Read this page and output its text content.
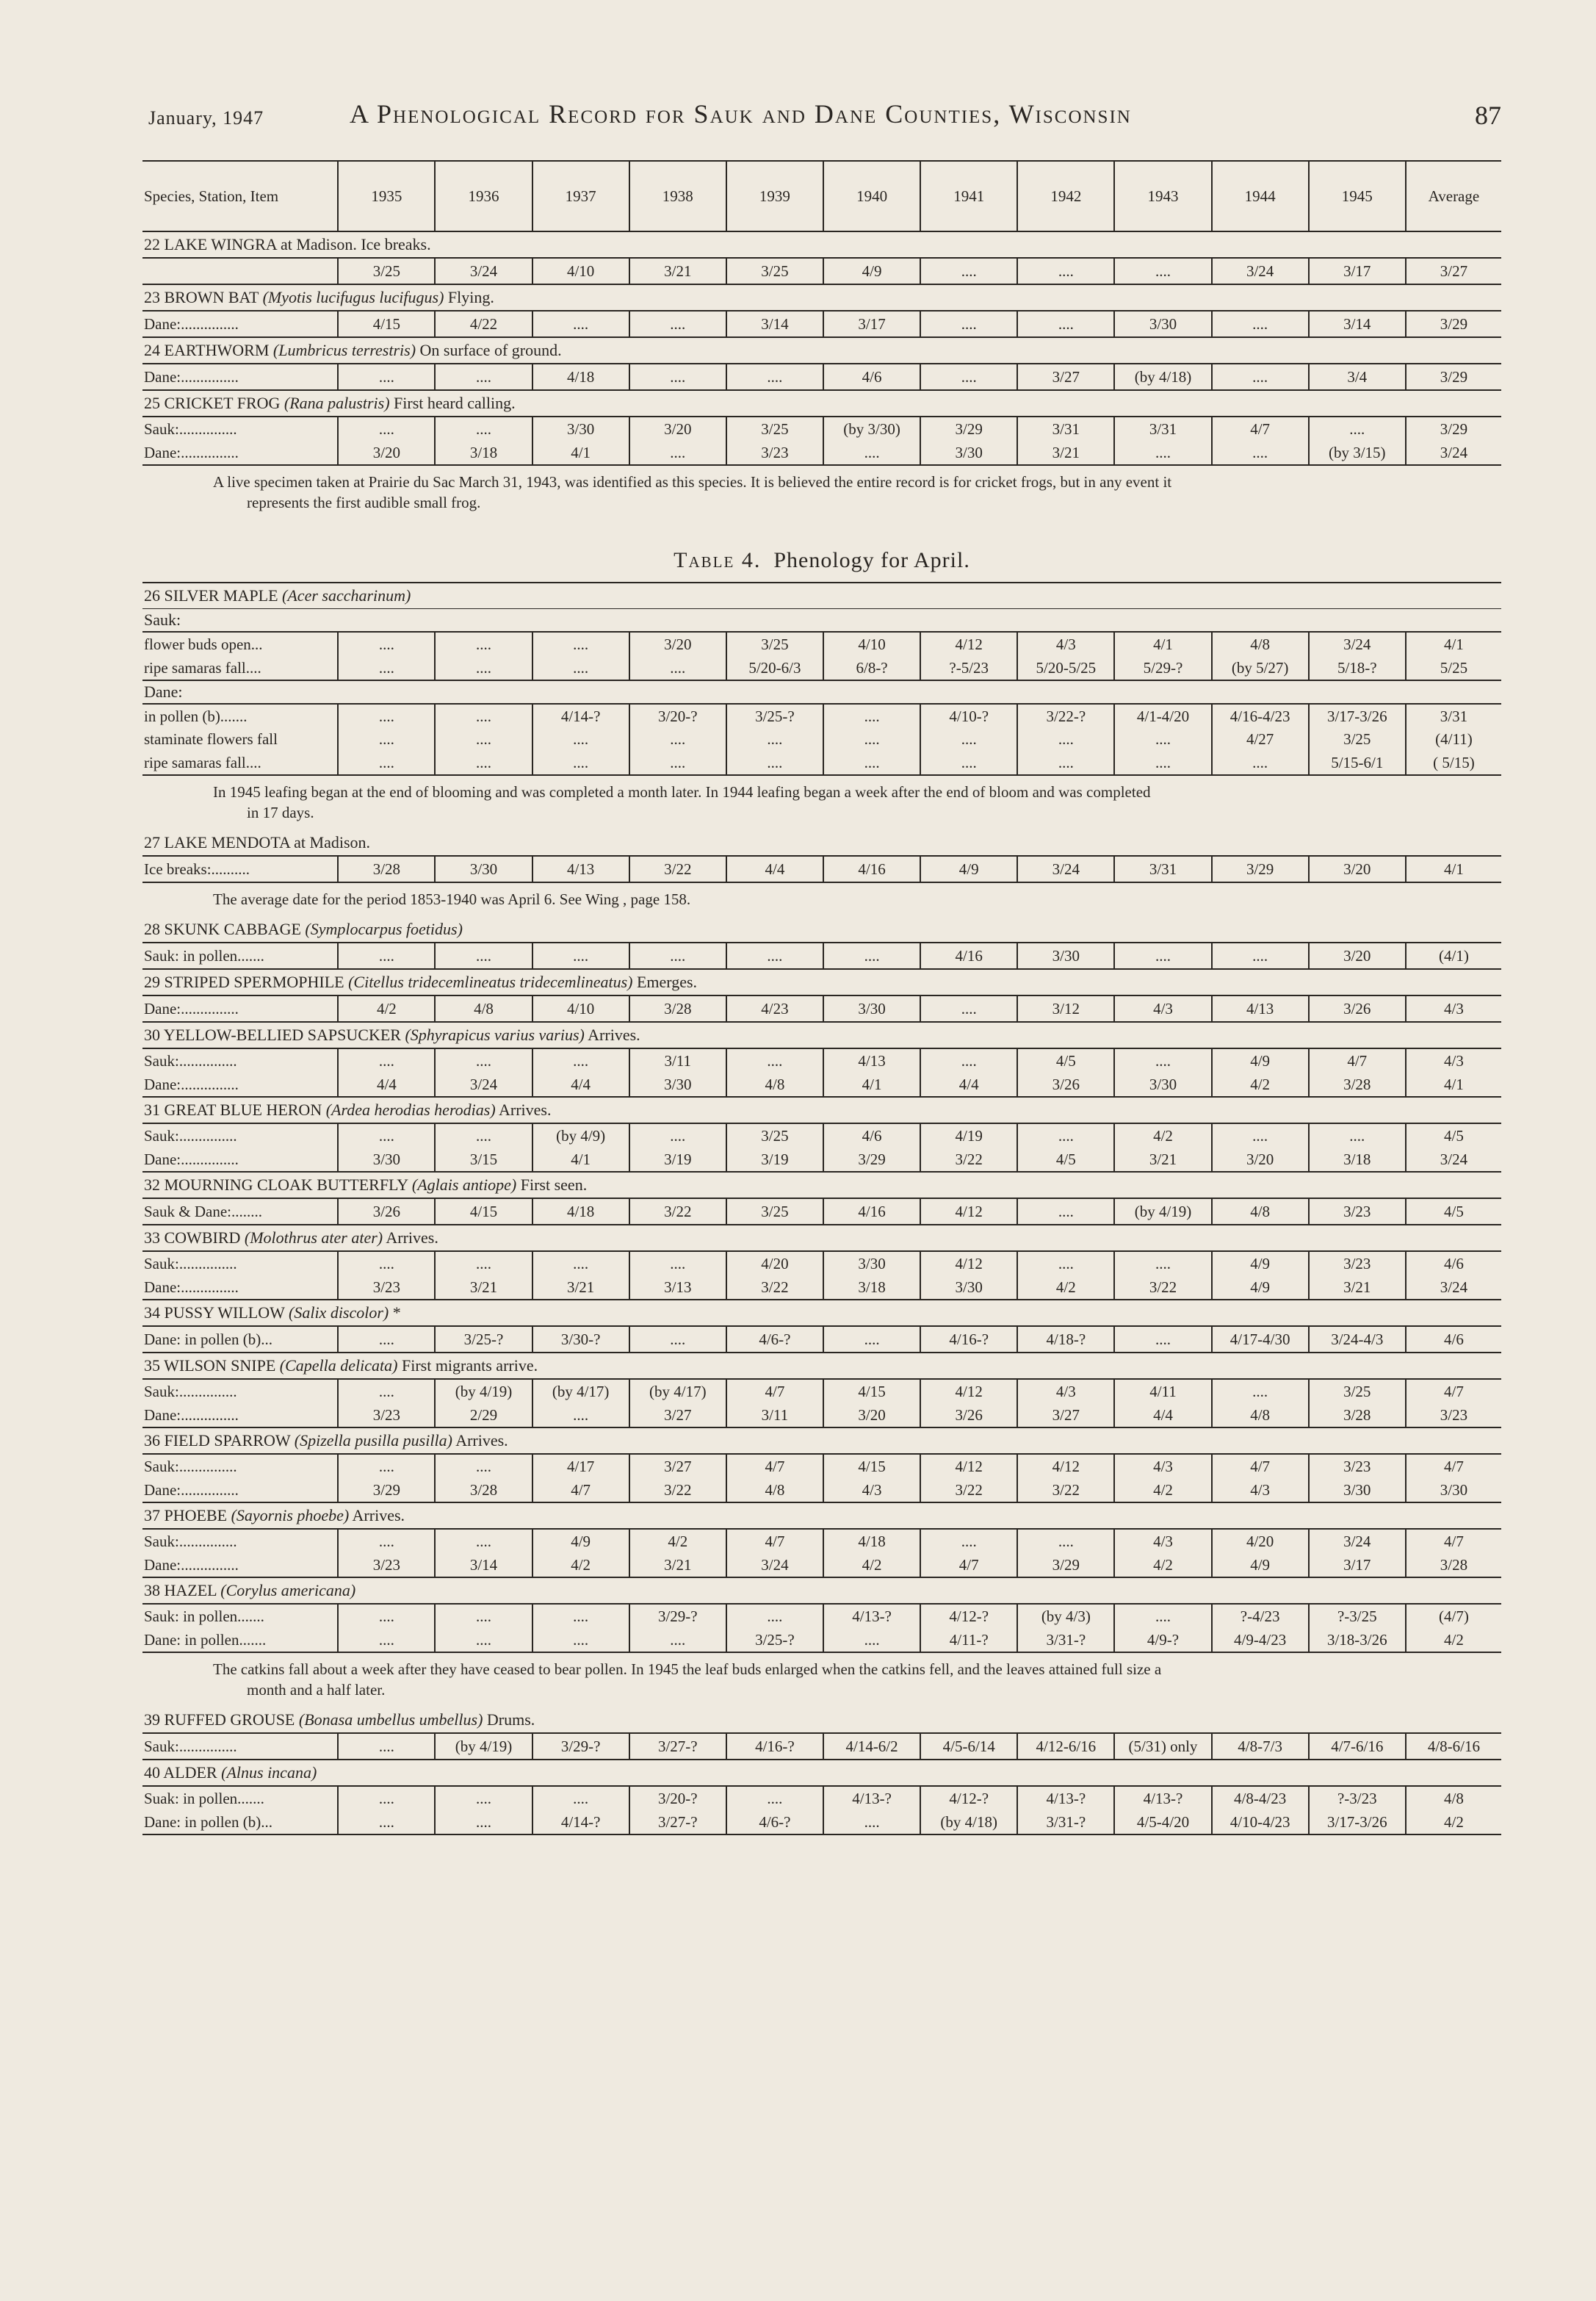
January, 1947	A Phenological Record for Sauk and Dane Counties, Wisconsin	87
Species, Station, Item	1935	1936	1937	1938	1939	1940	1941	1942	1943	1944	1945	Average
22 LAKE WINGRA at Madison. Ice breaks.												
	3/25	3/24	4/10	3/21	3/25	4/9	....	....	....	3/24	3/17	3/27
23 BROWN BAT (Myotis lucifugus lucifugus) Flying.												
Dane:...............	4/15	4/22	....	....	3/14	3/17	....	....	3/30	....	3/14	3/29
24 EARTHWORM (Lumbricus terrestris) On surface of ground.												
Dane:...............	....	....	4/18	....	....	4/6	....	3/27	(by 4/18)	....	3/4	3/29
25 CRICKET FROG (Rana palustris) First heard calling.												
Sauk:...............	....	....	3/30	3/20	3/25	(by 3/30)	3/29	3/31	3/31	4/7	....	3/29
Dane:...............	3/20	3/18	4/1	....	3/23	....	3/30	3/21	....	....	(by 3/15)	3/24
A live specimen taken at Prairie du Sac March 31, 1943, was identified as this species. It is believed the entire record is for cricket frogs, but in any event it
represents the first audible small frog.												
Table 4. Phenology for April.

26 SILVER MAPLE (Acer saccharinum)												
Sauk:												
flower buds open...	....	....	....	3/20	3/25	4/10	4/12	4/3	4/1	4/8	3/24	4/1
ripe samaras fall....	....	....	....	....	5/20-6/3	6/8-?	?-5/23	5/20-5/25	5/29-?	(by 5/27)	5/18-?	5/25
Dane:												
in pollen (b).......	....	....	4/14-?	3/20-?	3/25-?	....	4/10-?	3/22-?	4/1-4/20	4/16-4/23	3/17-3/26	3/31
staminate flowers fall	....	....	....	....	....	....	....	....	....	4/27	3/25	(4/11)
ripe samaras fall....	....	....	....	....	....	....	....	....	....	....	5/15-6/1	( 5/15)
In 1945 leafing began at the end of blooming and was completed a month later. In 1944 leafing began a week after the end of bloom and was completed
in 17 days.												

27 LAKE MENDOTA at Madison.												
Ice breaks:..........	3/28	3/30	4/13	3/22	4/4	4/16	4/9	3/24	3/31	3/29	3/20	4/1
The average date for the period 1853-1940 was April 6. See Wing , page 158.												
28 SKUNK CABBAGE (Symplocarpus foetidus)												
Sauk: in pollen.......	....	....	....	....	....	....	4/16	3/30	....	....	3/20	(4/1)
29 STRIPED SPERMOPHILE (Citellus tridecemlineatus tridecemlineatus) Emerges.												
Dane:...............	4/2	4/8	4/10	3/28	4/23	3/30	....	3/12	4/3	4/13	3/26	4/3
30 YELLOW-BELLIED SAPSUCKER (Sphyrapicus varius varius) Arrives.												
Sauk:...............	....	....	....	3/11	....	4/13	....	4/5	....	4/9	4/7	4/3
Dane:...............	4/4	3/24	4/4	3/30	4/8	4/1	4/4	3/26	3/30	4/2	3/28	4/1
31 GREAT BLUE HERON (Ardea herodias herodias) Arrives.												
Sauk:...............	....	....	(by 4/9)	....	3/25	4/6	4/19	....	4/2	....	....	4/5
Dane:...............	3/30	3/15	4/1	3/19	3/19	3/29	3/22	4/5	3/21	3/20	3/18	3/24
32 MOURNING CLOAK BUTTERFLY (Aglais antiope) First seen.												
Sauk & Dane:........	3/26	4/15	4/18	3/22	3/25	4/16	4/12	....	(by 4/19)	4/8	3/23	4/5
33 COWBIRD (Molothrus ater ater) Arrives.												
Sauk:...............	....	....	....	....	4/20	3/30	4/12	....	....	4/9	3/23	4/6
Dane:...............	3/23	3/21	3/21	3/13	3/22	3/18	3/30	4/2	3/22	4/9	3/21	3/24
34 PUSSY WILLOW (Salix discolor) *												
Dane: in pollen (b)...	....	3/25-?	3/30-?	....	4/6-?	....	4/16-?	4/18-?	....	4/17-4/30	3/24-4/3	4/6
35 WILSON SNIPE (Capella delicata) First migrants arrive.												
Sauk:...............	....	(by 4/19)	(by 4/17)	(by 4/17)	4/7	4/15	4/12	4/3	4/11	....	3/25	4/7
Dane:...............	3/23	2/29	....	3/27	3/11	3/20	3/26	3/27	4/4	4/8	3/28	3/23
36 FIELD SPARROW (Spizella pusilla pusilla) Arrives.												
Sauk:...............	....	....	4/17	3/27	4/7	4/15	4/12	4/12	4/3	4/7	3/23	4/7
Dane:...............	3/29	3/28	4/7	3/22	4/8	4/3	3/22	3/22	4/2	4/3	3/30	3/30
37 PHOEBE (Sayornis phoebe) Arrives.												
Sauk:...............	....	....	4/9	4/2	4/7	4/18	....	....	4/3	4/20	3/24	4/7
Dane:...............	3/23	3/14	4/2	3/21	3/24	4/2	4/7	3/29	4/2	4/9	3/17	3/28
38 HAZEL (Corylus americana)												
Sauk: in pollen.......	....	....	....	3/29-?	....	4/13-?	4/12-?	(by 4/3)	....	?-4/23	?-3/25	(4/7)
Dane: in pollen.......	....	....	....	....	3/25-?	....	4/11-?	3/31-?	4/9-?	4/9-4/23	3/18-3/26	4/2
The catkins fall about a week after they have ceased to bear pollen. In 1945 the leaf buds enlarged when the catkins fell, and the leaves attained full size a
month and a half later.												

39 RUFFED GROUSE (Bonasa umbellus umbellus) Drums.												
Sauk:...............	....	(by 4/19)	3/29-?	3/27-?	4/16-?	4/14-6/2	4/5-6/14	4/12-6/16	(5/31) only	4/8-7/3	4/7-6/16	4/8-6/16
40 ALDER (Alnus incana)												
Suak: in pollen.......	....	....	....	3/20-?	....	4/13-?	4/12-?	4/13-?	4/13-?	4/8-4/23	?-3/23	4/8
Dane: in pollen (b)...	....	....	4/14-?	3/27-?	4/6-?	....	(by 4/18)	3/31-?	4/5-4/20	4/10-4/23	3/17-3/26	4/2
